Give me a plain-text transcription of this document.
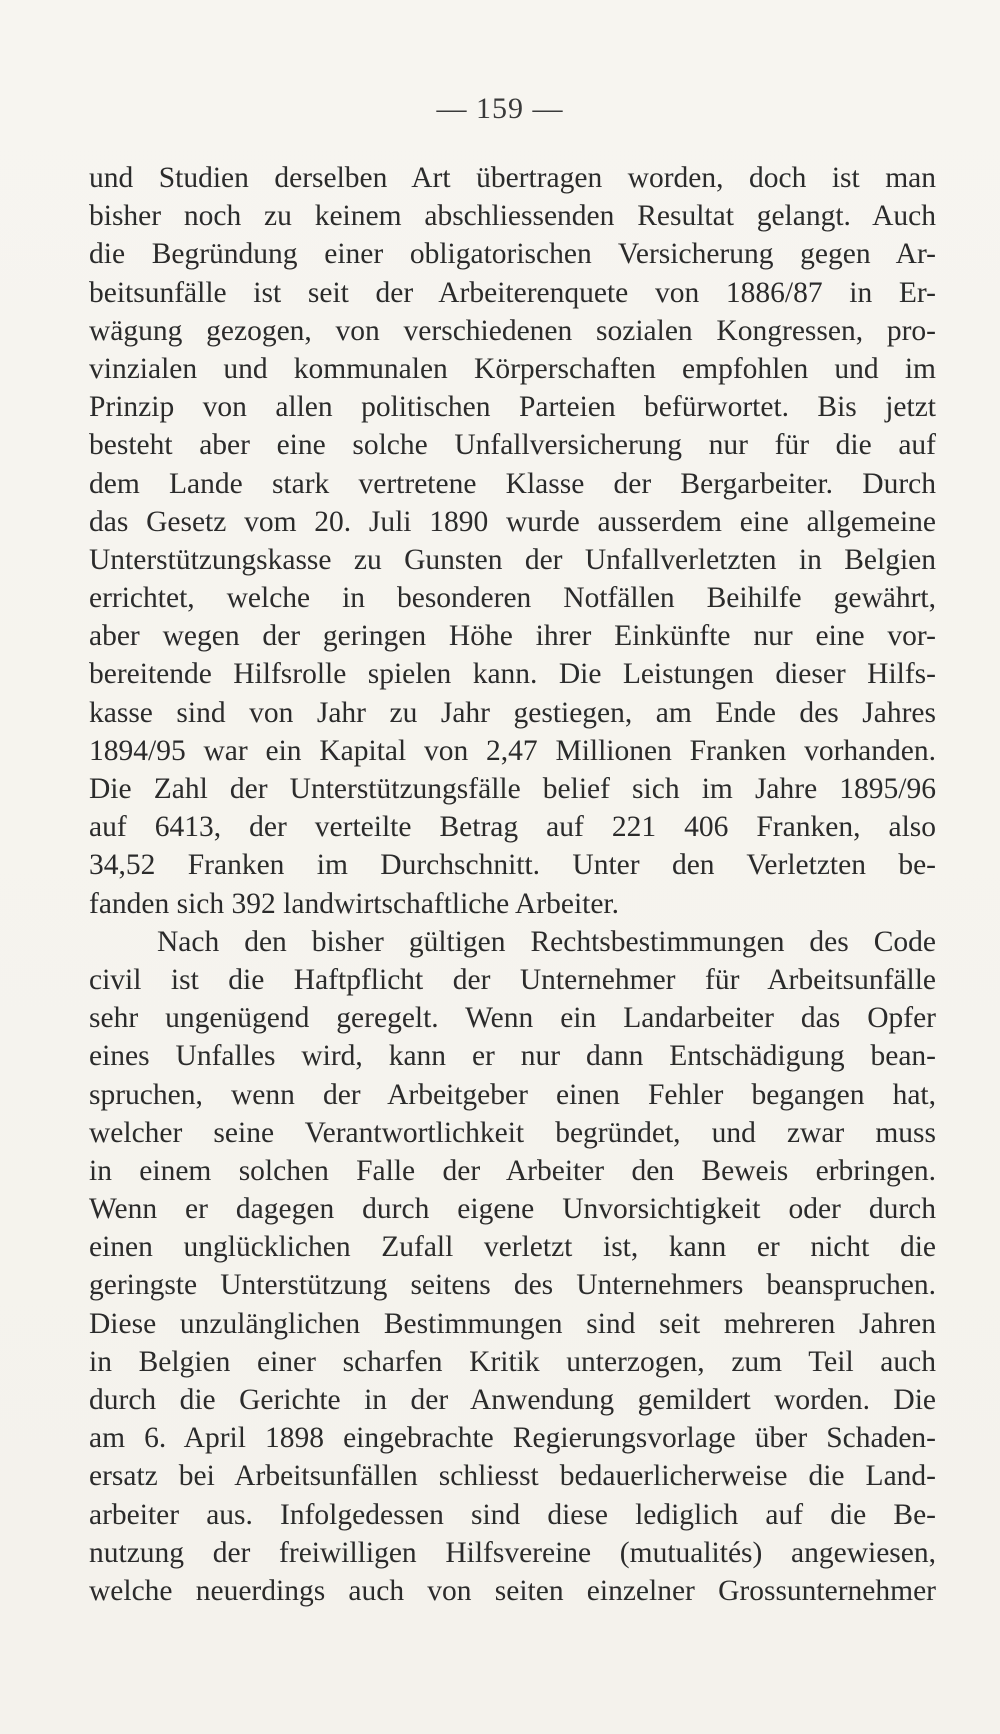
— 159 —
und Studien derselben Art übertragen worden, doch ist man
bisher noch zu keinem abschliessenden Resultat gelangt. Auch
die Begründung einer obligatorischen Versicherung gegen Ar-
beitsunfälle ist seit der Arbeiterenquete von 1886/87 in Er-
wägung gezogen, von verschiedenen sozialen Kongressen, pro-
vinzialen und kommunalen Körperschaften empfohlen und im
Prinzip von allen politischen Parteien befürwortet. Bis jetzt
besteht aber eine solche Unfallversicherung nur für die auf
dem Lande stark vertretene Klasse der Bergarbeiter. Durch
das Gesetz vom 20. Juli 1890 wurde ausserdem eine allgemeine
Unterstützungskasse zu Gunsten der Unfallverletzten in Belgien
errichtet, welche in besonderen Notfällen Beihilfe gewährt,
aber wegen der geringen Höhe ihrer Einkünfte nur eine vor-
bereitende Hilfsrolle spielen kann. Die Leistungen dieser Hilfs-
kasse sind von Jahr zu Jahr gestiegen, am Ende des Jahres
1894/95 war ein Kapital von 2,47 Millionen Franken vorhanden.
Die Zahl der Unterstützungsfälle belief sich im Jahre 1895/96
auf 6413, der verteilte Betrag auf 221 406 Franken, also
34,52 Franken im Durchschnitt. Unter den Verletzten be-
fanden sich 392 landwirtschaftliche Arbeiter.
Nach den bisher gültigen Rechtsbestimmungen des Code
civil ist die Haftpflicht der Unternehmer für Arbeitsunfälle
sehr ungenügend geregelt. Wenn ein Landarbeiter das Opfer
eines Unfalles wird, kann er nur dann Entschädigung bean-
spruchen, wenn der Arbeitgeber einen Fehler begangen hat,
welcher seine Verantwortlichkeit begründet, und zwar muss
in einem solchen Falle der Arbeiter den Beweis erbringen.
Wenn er dagegen durch eigene Unvorsichtigkeit oder durch
einen unglücklichen Zufall verletzt ist, kann er nicht die
geringste Unterstützung seitens des Unternehmers beanspruchen.
Diese unzulänglichen Bestimmungen sind seit mehreren Jahren
in Belgien einer scharfen Kritik unterzogen, zum Teil auch
durch die Gerichte in der Anwendung gemildert worden. Die
am 6. April 1898 eingebrachte Regierungsvorlage über Schaden-
ersatz bei Arbeitsunfällen schliesst bedauerlicherweise die Land-
arbeiter aus. Infolgedessen sind diese lediglich auf die Be-
nutzung der freiwilligen Hilfsvereine (mutualités) angewiesen,
welche neuerdings auch von seiten einzelner Grossunternehmer
